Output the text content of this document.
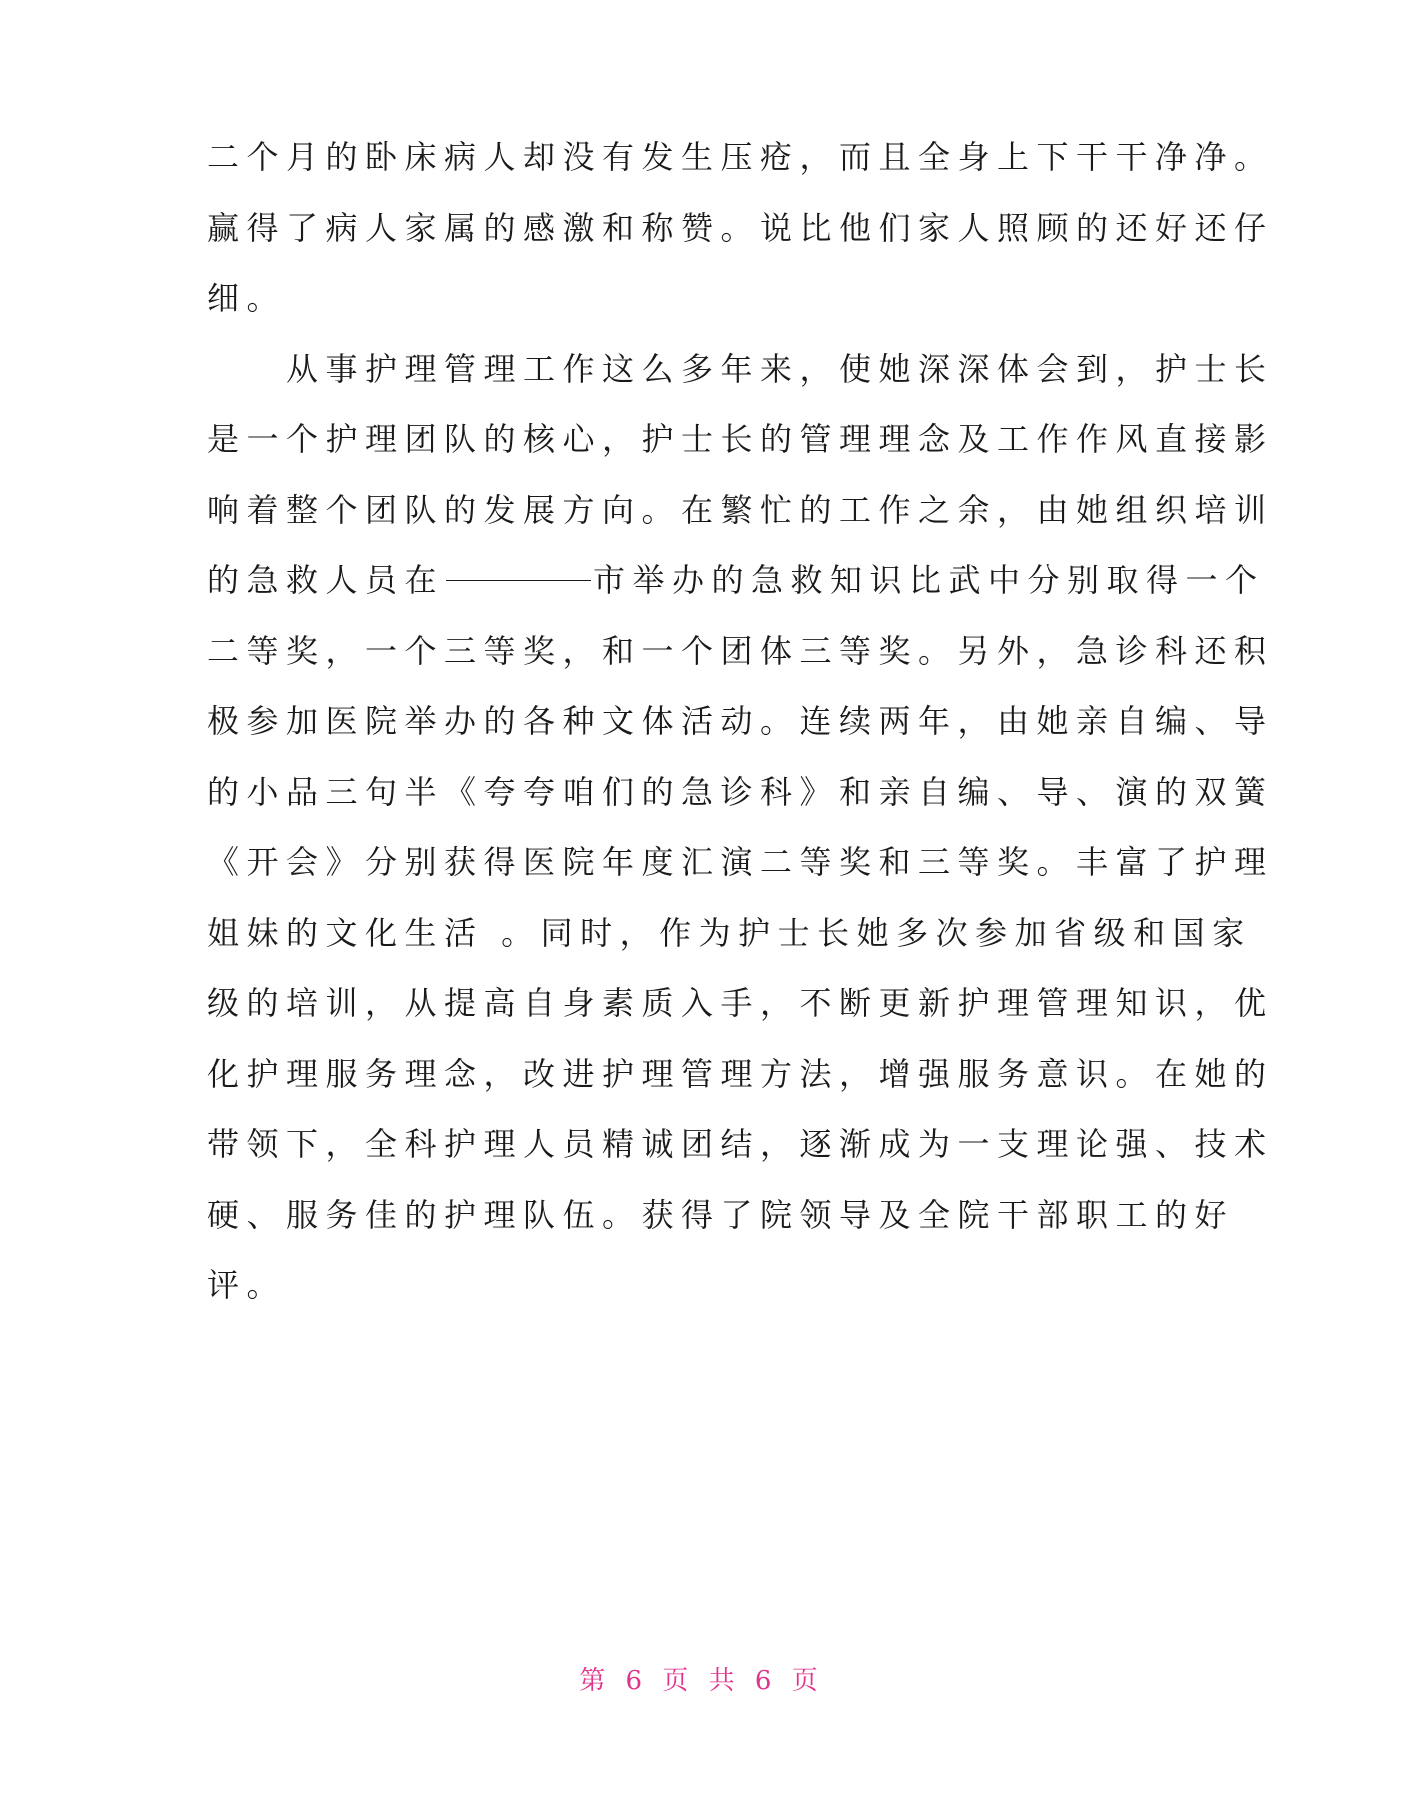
二个月的卧床病人却没有发生压疮，而且全身上下干干净净。
赢得了病人家属的感激和称赞。说比他们家人照顾的还好还仔
细。
　　从事护理管理工作这么多年来，使她深深体会到，护士长
是一个护理团队的核心，护士长的管理理念及工作作风直接影
响着整个团队的发展方向。在繁忙的工作之余，由她组织培训
的急救人员在	市举办的急救知识比武中分别取得一个
二等奖，一个三等奖，和一个团体三等奖。另外，急诊科还积
极参加医院举办的各种文体活动。连续两年，由她亲自编、导
的小品三句半《夸夸咱们的急诊科》和亲自编、导、演的双簧
《开会》分别获得医院年度汇演二等奖和三等奖。丰富了护理
姐妹的文化生活 。同时，作为护士长她多次参加省级和国家
级的培训，从提高自身素质入手，不断更新护理管理知识，优
化护理服务理念，改进护理管理方法，增强服务意识。在她的
带领下，全科护理人员精诚团结，逐渐成为一支理论强、技术
硬、服务佳的护理队伍。获得了院领导及全院干部职工的好
评。
第 6 页 共 6 页
